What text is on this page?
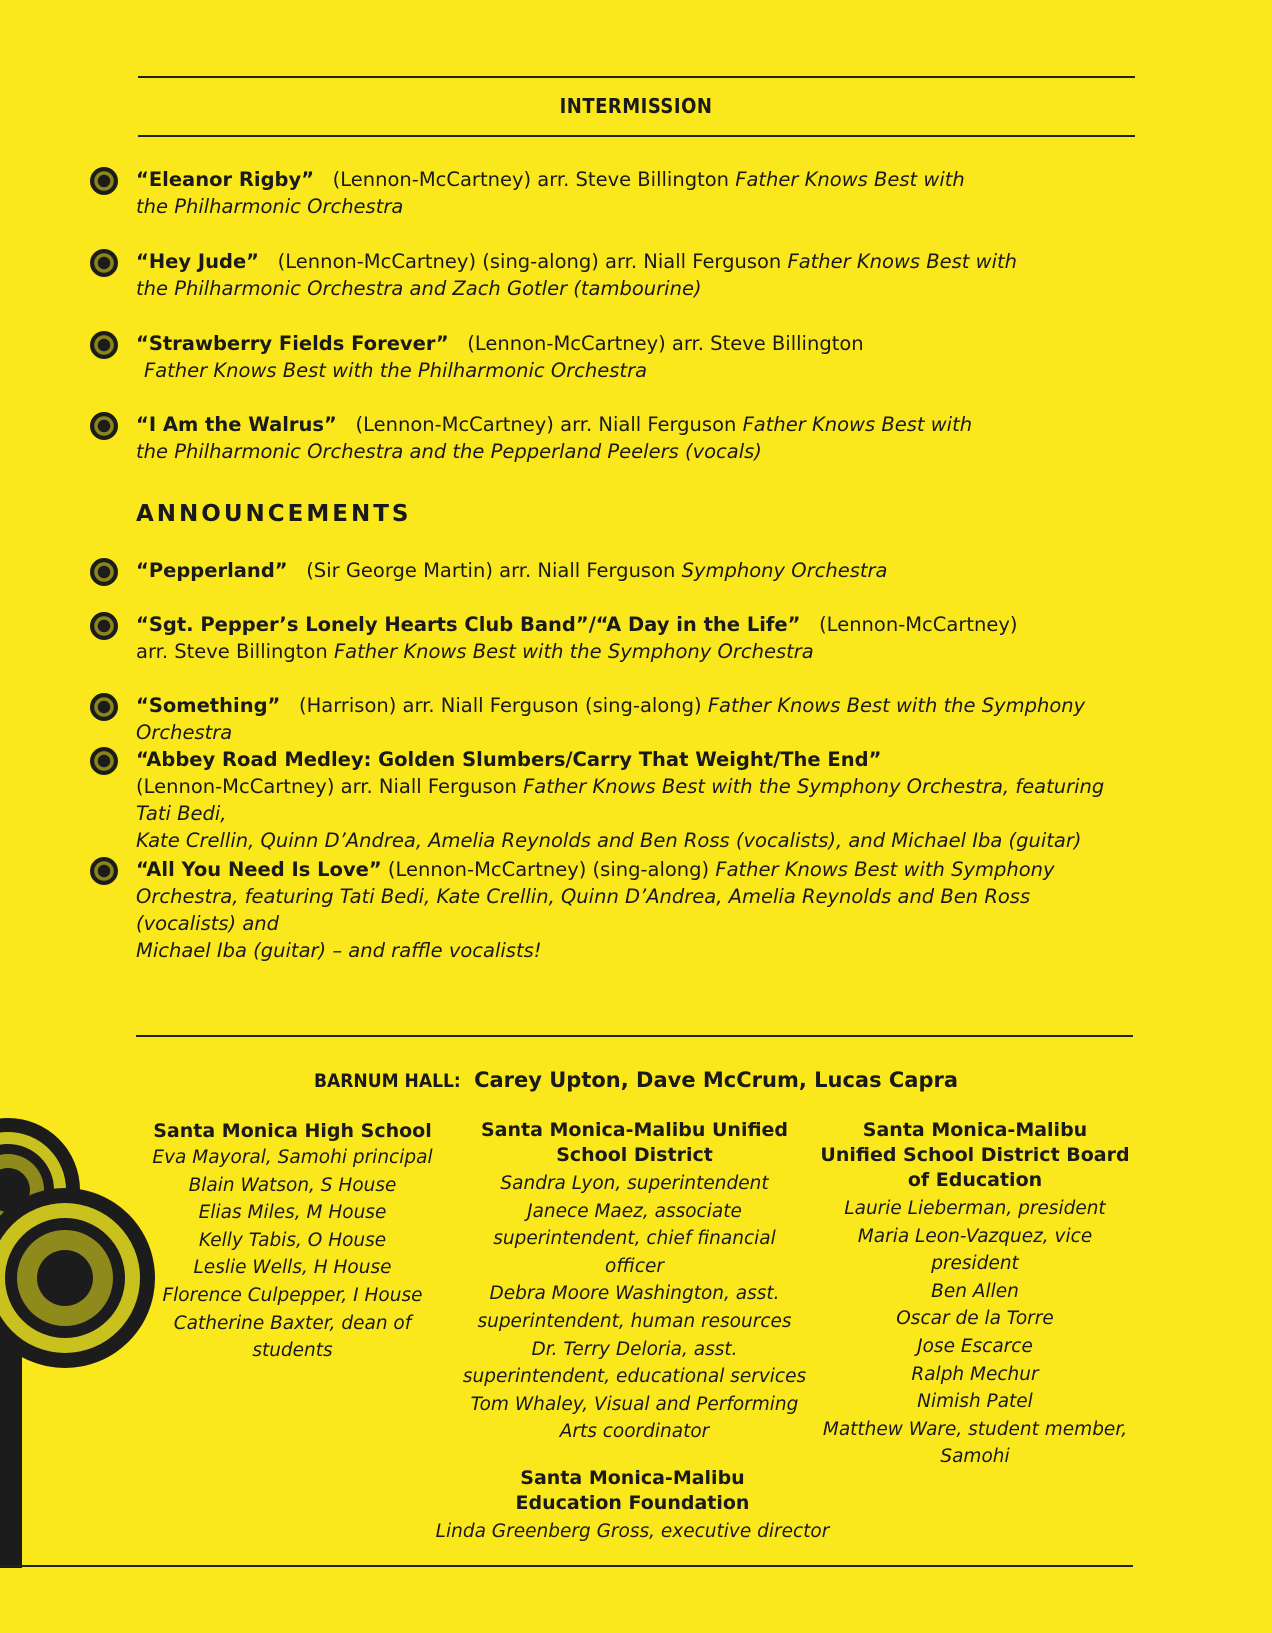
INTERMISSION
“Eleanor Rigby” (Lennon-McCartney) arr. Steve Billington Father Knows Best with
the Philharmonic Orchestra
“Hey Jude” (Lennon-McCartney) (sing-along) arr. Niall Ferguson Father Knows Best with
the Philharmonic Orchestra and Zach Gotler (tambourine)
“Strawberry Fields Forever” (Lennon-McCartney) arr. Steve Billington
Father Knows Best with the Philharmonic Orchestra
“I Am the Walrus” (Lennon-McCartney) arr. Niall Ferguson Father Knows Best with
the Philharmonic Orchestra and the Pepperland Peelers (vocals)
ANNOUNCEMENTS
“Pepperland” (Sir George Martin) arr. Niall Ferguson Symphony Orchestra
“Sgt. Pepper’s Lonely Hearts Club Band”/“A Day in the Life” (Lennon-McCartney)
arr. Steve Billington Father Knows Best with the Symphony Orchestra
“Something” (Harrison) arr. Niall Ferguson (sing-along) Father Knows Best with the Symphony Orchestra
“Abbey Road Medley: Golden Slumbers/Carry That Weight/The End”
(Lennon-McCartney) arr. Niall Ferguson Father Knows Best with the Symphony Orchestra, featuring Tati Bedi,
Kate Crellin, Quinn D’Andrea, Amelia Reynolds and Ben Ross (vocalists), and Michael Iba (guitar)
“All You Need Is Love” (Lennon-McCartney) (sing-along) Father Knows Best with Symphony
Orchestra, featuring Tati Bedi, Kate Crellin, Quinn D’Andrea, Amelia Reynolds and Ben Ross (vocalists) and
Michael Iba (guitar) – and raffle vocalists!
BARNUM HALL: Carey Upton, Dave McCrum, Lucas Capra
Santa Monica High School
Eva Mayoral, Samohi principal
Blain Watson, S House
Elias Miles, M House
Kelly Tabis, O House
Leslie Wells, H House
Florence Culpepper, I House
Catherine Baxter, dean of students
Santa Monica-Malibu Unified
School District
Sandra Lyon, superintendent
Janece Maez, associate
superintendent, chief financial officer
Debra Moore Washington, asst.
superintendent, human resources
Dr. Terry Deloria, asst.
superintendent, educational services
Tom Whaley, Visual and Performing
Arts coordinator
Santa Monica-Malibu
Unified School District Board
of Education
Laurie Lieberman, president
Maria Leon-Vazquez, vice president
Ben Allen
Oscar de la Torre
Jose Escarce
Ralph Mechur
Nimish Patel
Matthew Ware, student member,
Samohi
Santa Monica-Malibu
Education Foundation
Linda Greenberg Gross, executive director
